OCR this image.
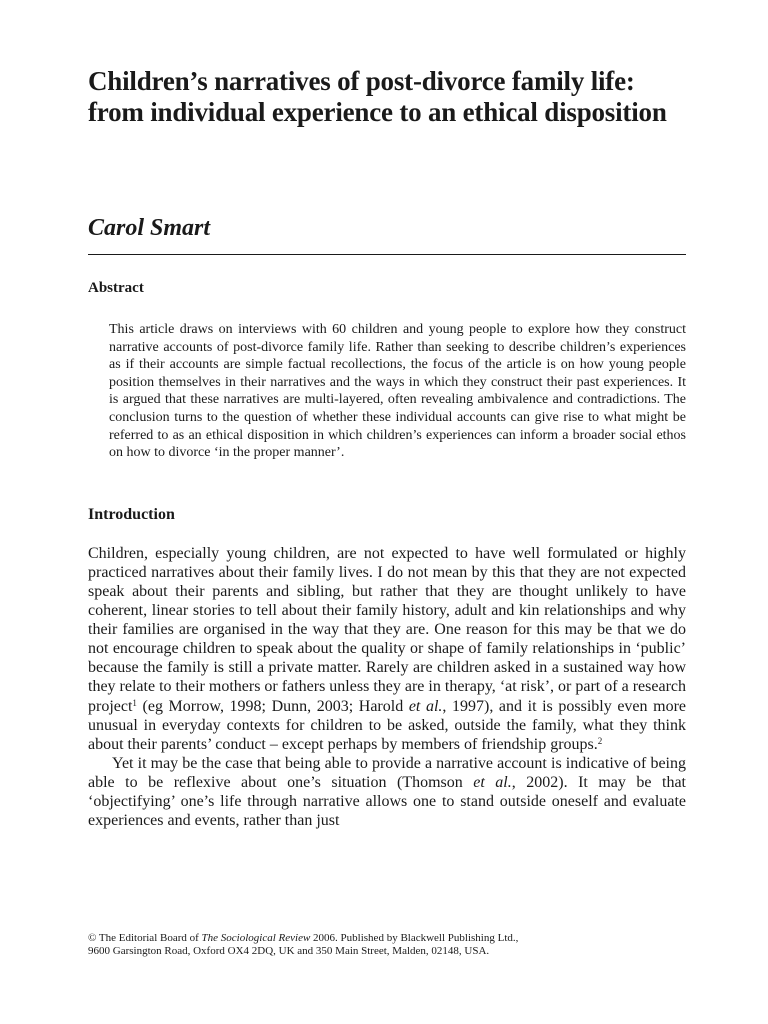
Children’s narratives of post-divorce family life: from individual experience to an ethical disposition
Carol Smart
Abstract
This article draws on interviews with 60 children and young people to explore how they construct narrative accounts of post-divorce family life. Rather than seeking to describe children’s experiences as if their accounts are simple factual recollections, the focus of the article is on how young people position themselves in their narratives and the ways in which they construct their past experiences. It is argued that these narratives are multi-layered, often revealing ambivalence and contradictions. The conclusion turns to the question of whether these individual accounts can give rise to what might be referred to as an ethical disposition in which children’s experiences can inform a broader social ethos on how to divorce ‘in the proper manner’.
Introduction

Children, especially young children, are not expected to have well formulated or highly practiced narratives about their family lives. I do not mean by this that they are not expected speak about their parents and sibling, but rather that they are thought unlikely to have coherent, linear stories to tell about their family history, adult and kin relationships and why their families are organised in the way that they are. One reason for this may be that we do not encourage children to speak about the quality or shape of family relationships in ‘public’ because the family is still a private matter. Rarely are children asked in a sustained way how they relate to their mothers or fathers unless they are in therapy, ‘at risk’, or part of a research project$^1$ (eg Morrow, 1998; Dunn, 2003; Harold et al., 1997), and it is possibly even more unusual in everyday contexts for children to be asked, outside the family, what they think about their parents’ conduct – except perhaps by members of friendship groups.$^2$

Yet it may be the case that being able to provide a narrative account is indicative of being able to be reflexive about one’s situation (Thomson et al., 2002). It may be that ‘objectifying’ one’s life through narrative allows one to stand outside oneself and evaluate experiences and events, rather than just

© The Editorial Board of The Sociological Review 2006. Published by Blackwell Publishing Ltd.,
9600 Garsington Road, Oxford OX4 2DQ, UK and 350 Main Street, Malden, 02148, USA.
